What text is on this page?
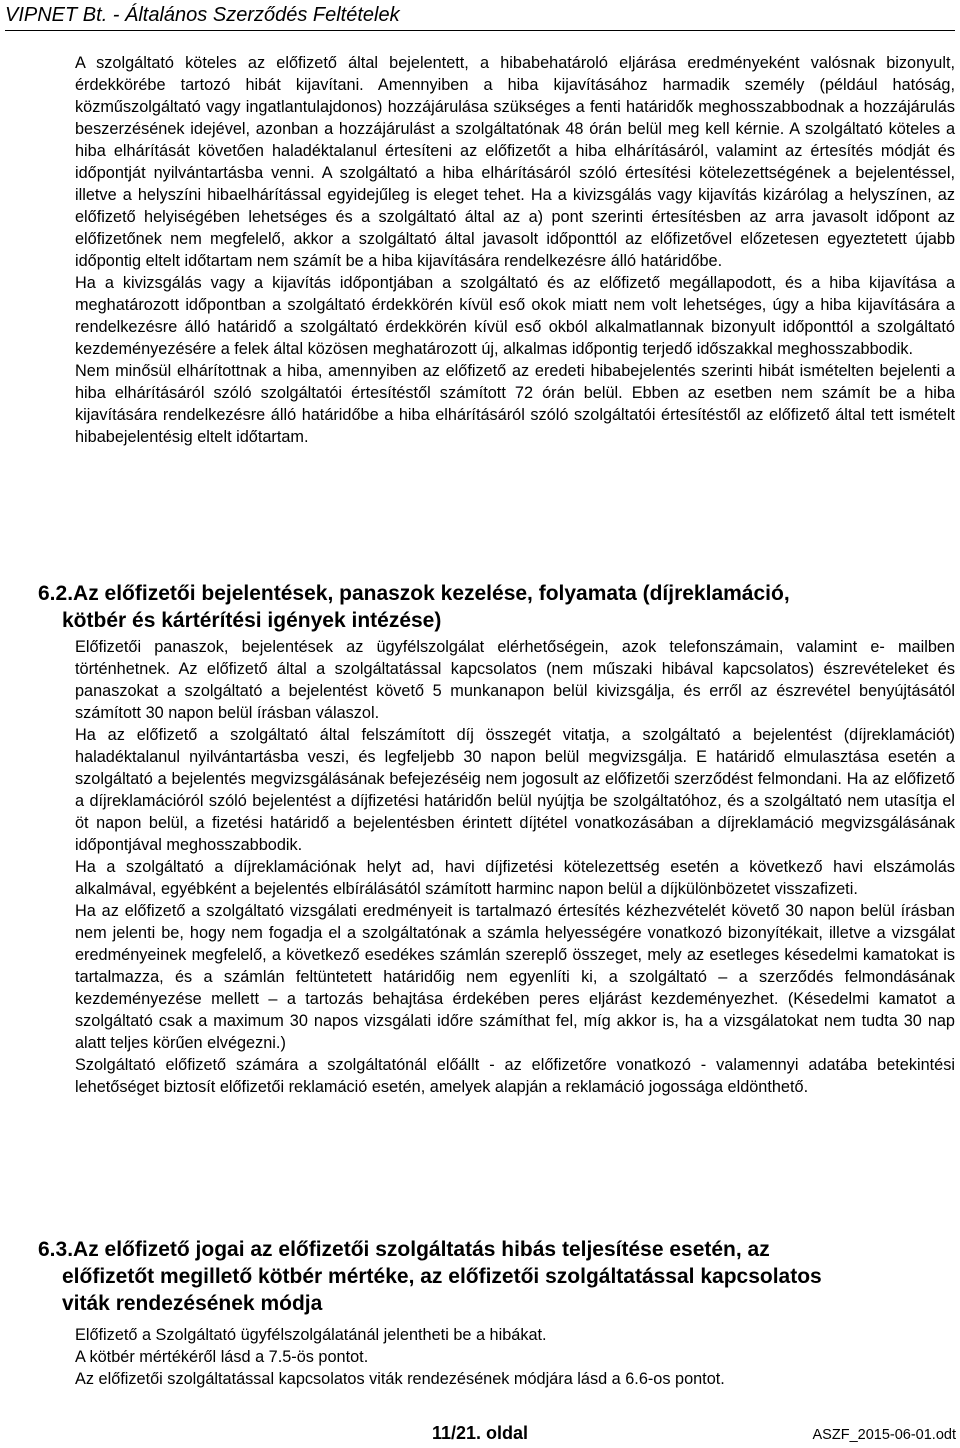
VIPNET Bt. - Általános Szerződés Feltételek

A szolgáltató köteles az előfizető által bejelentett, a hibabehatároló eljárása eredményeként valósnak bizonyult, érdekkörébe tartozó hibát kijavítani. Amennyiben a hiba kijavításához harmadik személy (például hatóság, közműszolgáltató vagy ingatlantulajdonos) hozzájárulása szükséges a fenti határidők meghosszabbodnak a hozzájárulás beszerzésének idejével, azonban a hozzájárulást a szolgáltatónak 48 órán belül meg kell kérnie. A szolgáltató köteles a hiba elhárítását követően haladéktalanul értesíteni az előfizetőt a hiba elhárításáról, valamint az értesítés módját és időpontját nyilvántartásba venni. A szolgáltató a hiba elhárításáról szóló értesítési kötelezettségének a bejelentéssel, illetve a helyszíni hibaelhárítással egyidejűleg is eleget tehet. Ha a kivizsgálás vagy kijavítás kizárólag a helyszínen, az előfizető helyiségében lehetséges és a szolgáltató által az a) pont szerinti értesítésben az arra javasolt időpont az előfizetőnek nem megfelelő, akkor a szolgáltató által javasolt időponttól az előfizetővel előzetesen egyeztetett újabb időpontig eltelt időtartam nem számít be a hiba kijavítására rendelkezésre álló határidőbe.

Ha a kivizsgálás vagy a kijavítás időpontjában a szolgáltató és az előfizető megállapodott, és a hiba kijavítása a meghatározott időpontban a szolgáltató érdekkörén kívül eső okok miatt nem volt lehetséges, úgy a hiba kijavítására a rendelkezésre álló határidő a szolgáltató érdekkörén kívül eső okból alkalmatlannak bizonyult időponttól a szolgáltató kezdeményezésére a felek által közösen meghatározott új, alkalmas időpontig terjedő időszakkal meghosszabbodik.

Nem minősül elhárítottnak a hiba, amennyiben az előfizető az eredeti hibabejelentés szerinti hibát ismételten bejelenti a hiba elhárításáról szóló szolgáltatói értesítéstől számított 72 órán belül. Ebben az esetben nem számít be a hiba kijavítására rendelkezésre álló határidőbe a hiba elhárításáról szóló szolgáltatói értesítéstől az előfizető által tett ismételt hibabejelentésig eltelt időtartam.

6.2.Az előfizetői bejelentések, panaszok kezelése, folyamata (díjreklamáció,
kötbér és kártérítési igények intézése)

Előfizetői panaszok, bejelentések az ügyfélszolgálat elérhetőségein, azok telefonszámain, valamint e- mailben történhetnek. Az előfizető által a szolgáltatással kapcsolatos (nem műszaki hibával kapcsolatos) észrevételeket és panaszokat a szolgáltató a bejelentést követő 5 munkanapon belül kivizsgálja, és erről az észrevétel benyújtásától számított 30 napon belül írásban válaszol.

Ha az előfizető a szolgáltató által felszámított díj összegét vitatja, a szolgáltató a bejelentést (díjreklamációt) haladéktalanul nyilvántartásba veszi, és legfeljebb 30 napon belül megvizsgálja. E határidő elmulasztása esetén a szolgáltató a bejelentés megvizsgálásának befejezéséig nem jogosult az előfizetői szerződést felmondani. Ha az előfizető a díjreklamációról szóló bejelentést a díjfizetési határidőn belül nyújtja be szolgáltatóhoz, és a szolgáltató nem utasítja el öt napon belül, a fizetési határidő a bejelentésben érintett díjtétel vonatkozásában a díjreklamáció megvizsgálásának időpontjával meghosszabbodik.

Ha a szolgáltató a díjreklamációnak helyt ad, havi díjfizetési kötelezettség esetén a következő havi elszámolás alkalmával, egyébként a bejelentés elbírálásától számított harminc napon belül a díjkülönbözetet visszafizeti.

Ha az előfizető a szolgáltató vizsgálati eredményeit is tartalmazó értesítés kézhezvételét követő 30 napon belül írásban nem jelenti be, hogy nem fogadja el a szolgáltatónak a számla helyességére vonatkozó bizonyítékait, illetve a vizsgálat eredményeinek megfelelő, a következő esedékes számlán szereplő összeget, mely az esetleges késedelmi kamatokat is tartalmazza, és a számlán feltüntetett határidőig nem egyenlíti ki, a szolgáltató – a szerződés felmondásának kezdeményezése mellett – a tartozás behajtása érdekében peres eljárást kezdeményezhet. (Késedelmi kamatot a szolgáltató csak a maximum 30 napos vizsgálati időre számíthat fel, míg akkor is, ha a vizsgálatokat nem tudta 30 nap alatt teljes körűen elvégezni.)

Szolgáltató előfizető számára a szolgáltatónál előállt - az előfizetőre vonatkozó - valamennyi adatába betekintési lehetőséget biztosít előfizetői reklamáció esetén, amelyek alapján a reklamáció jogossága eldönthető.

6.3.Az előfizető jogai az előfizetői szolgáltatás hibás teljesítése esetén, az
előfizetőt megillető kötbér mértéke, az előfizetői szolgáltatással kapcsolatos
viták rendezésének módja

Előfizető a Szolgáltató ügyfélszolgálatánál jelentheti be a hibákat.

A kötbér mértékéről lásd a 7.5-ös pontot.

Az előfizetői szolgáltatással kapcsolatos viták rendezésének módjára lásd a 6.6-os pontot.

11/21. oldal	ASZF_2015-06-01.odt
